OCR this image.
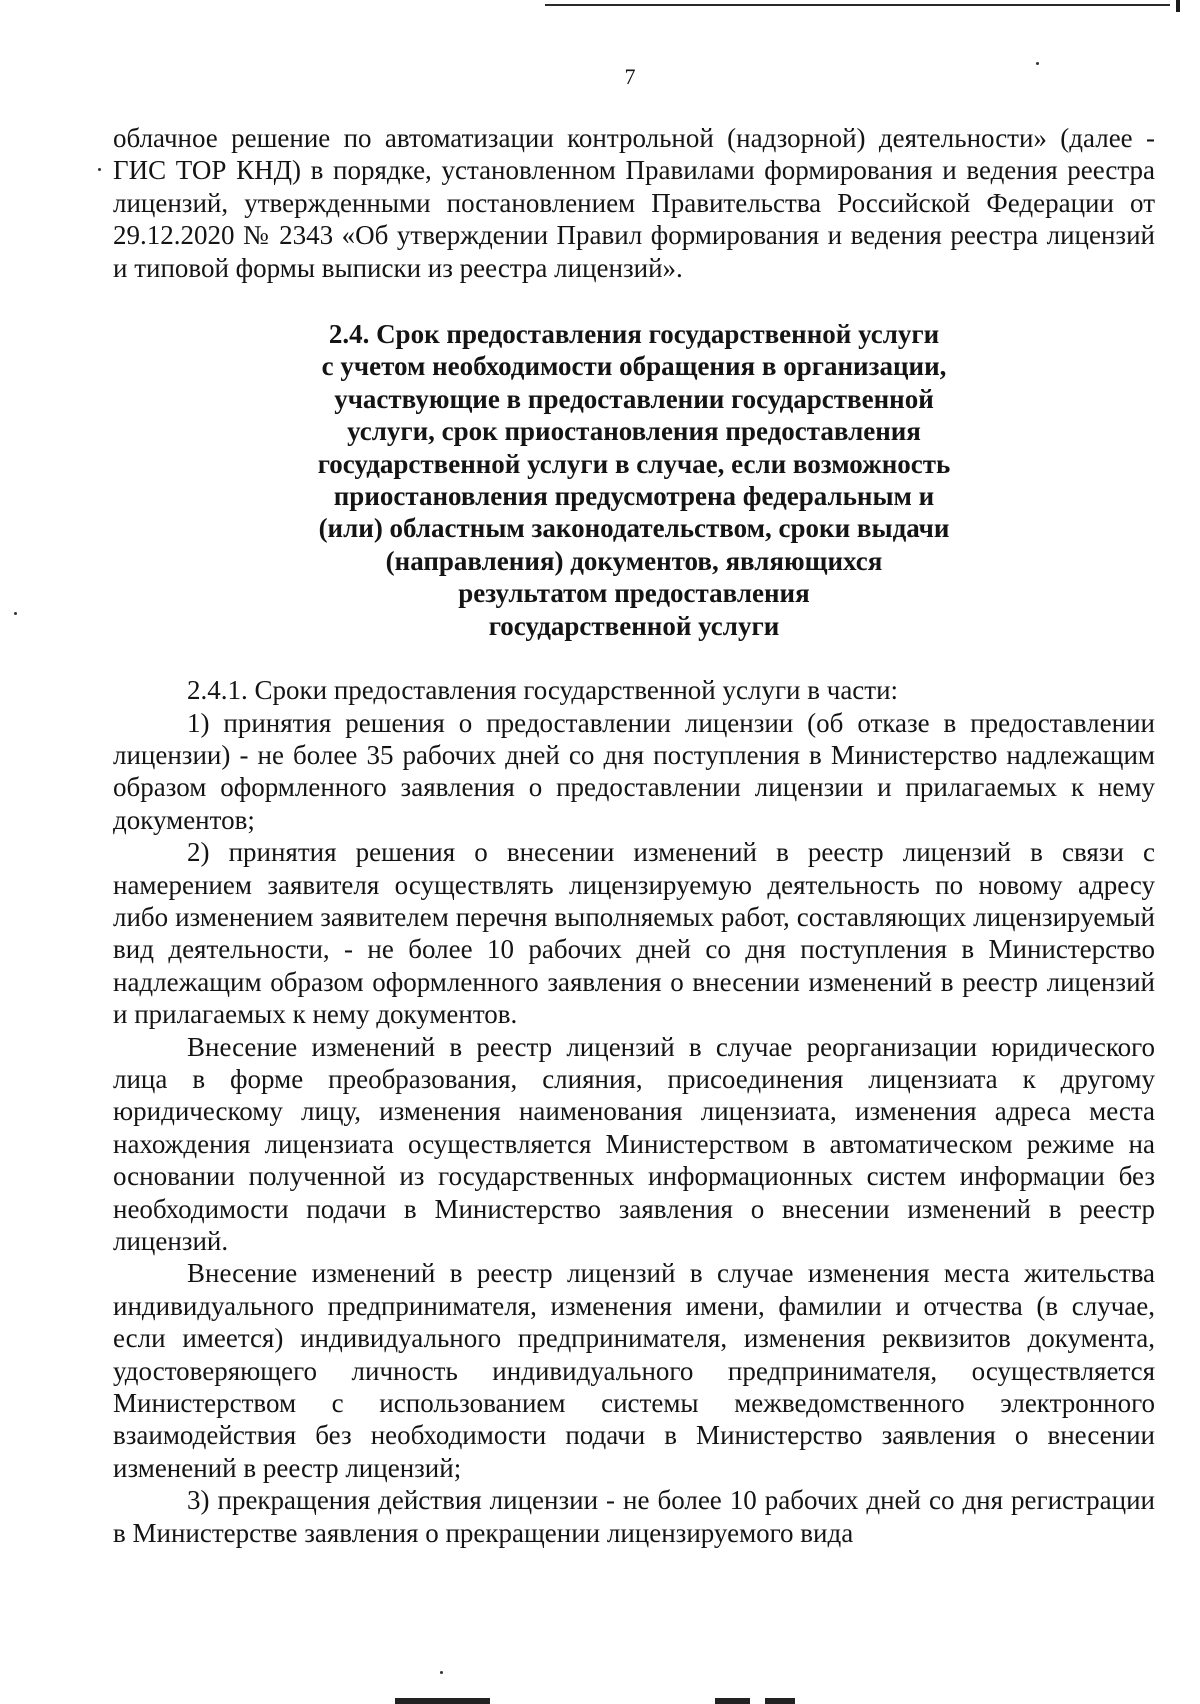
7

облачное решение по автоматизации контрольной (надзорной) деятельности» (далее - ГИС ТОР КНД) в порядке, установленном Правилами формирования и ведения реестра лицензий, утвержденными постановлением Правительства Российской Федерации от 29.12.2020 № 2343 «Об утверждении Правил формирования и ведения реестра лицензий и типовой формы выписки из реестра лицензий».

2.4. Срок предоставления государственной услуги
с учетом необходимости обращения в организации,
участвующие в предоставлении государственной
услуги, срок приостановления предоставления
государственной услуги в случае, если возможность
приостановления предусмотрена федеральным и
(или) областным законодательством, сроки выдачи
(направления) документов, являющихся
результатом предоставления
государственной услуги

2.4.1. Сроки предоставления государственной услуги в части:

1) принятия решения о предоставлении лицензии (об отказе в предоставлении лицензии) - не более 35 рабочих дней со дня поступления в Министерство надлежащим образом оформленного заявления о предоставлении лицензии и прилагаемых к нему документов;

2) принятия решения о внесении изменений в реестр лицензий в связи с намерением заявителя осуществлять лицензируемую деятельность по новому адресу либо изменением заявителем перечня выполняемых работ, составляющих лицензируемый вид деятельности, - не более 10 рабочих дней со дня поступления в Министерство надлежащим образом оформленного заявления о внесении изменений в реестр лицензий и прилагаемых к нему документов.

Внесение изменений в реестр лицензий в случае реорганизации юридического лица в форме преобразования, слияния, присоединения лицензиата к другому юридическому лицу, изменения наименования лицензиата, изменения адреса места нахождения лицензиата осуществляется Министерством в автоматическом режиме на основании полученной из государственных информационных систем информации без необходимости подачи в Министерство заявления о внесении изменений в реестр лицензий.

Внесение изменений в реестр лицензий в случае изменения места жительства индивидуального предпринимателя, изменения имени, фамилии и отчества (в случае, если имеется) индивидуального предпринимателя, изменения реквизитов документа, удостоверяющего личность индивидуального предпринимателя, осуществляется Министерством с использованием системы межведомственного электронного взаимодействия без необходимости подачи в Министерство заявления о внесении изменений в реестр лицензий;

3) прекращения действия лицензии - не более 10 рабочих дней со дня регистрации в Министерстве заявления о прекращении лицензируемого вида
